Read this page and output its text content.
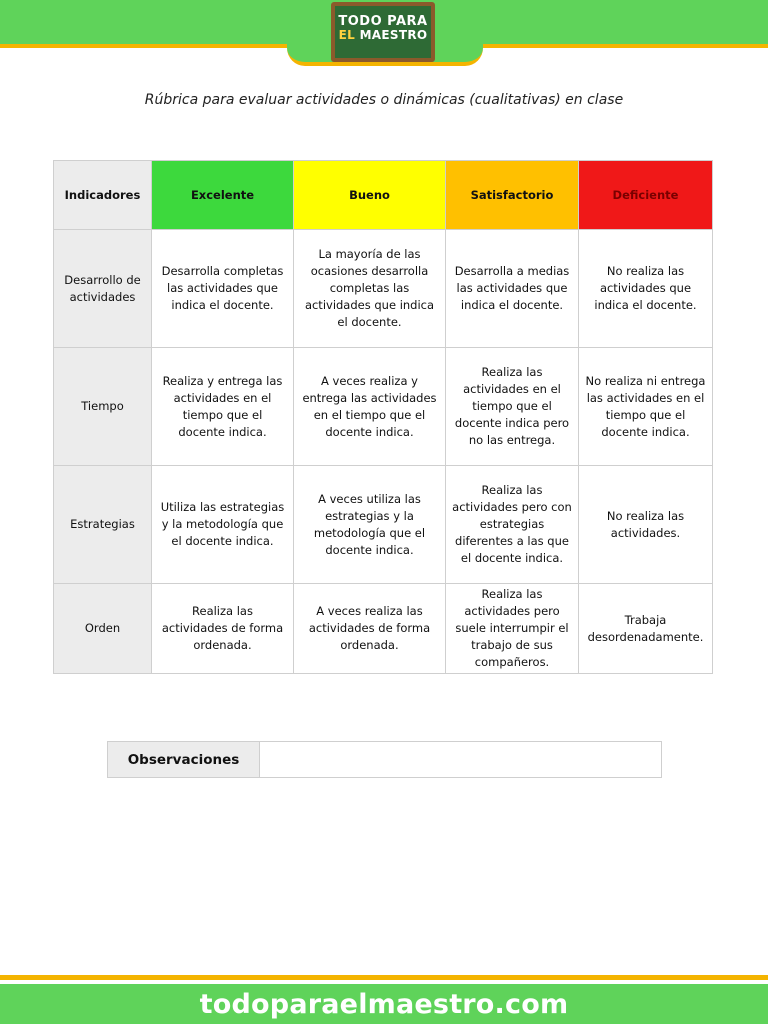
TODO PARA
EL MAESTRO
Rúbrica para evaluar actividades o dinámicas (cualitativas) en clase
Indicadores	Excelente	Bueno	Satisfactorio	Deficiente
Desarrollo de actividades	Desarrolla completas las actividades que indica el docente.	La mayoría de las ocasiones desarrolla completas las actividades que indica el docente.	Desarrolla a medias las actividades que indica el docente.	No realiza las actividades que indica el docente.
Tiempo	Realiza y entrega las actividades en el tiempo que el docente indica.	A veces realiza y entrega las actividades en el tiempo que el docente indica.	Realiza las actividades en el tiempo que el docente indica pero no las entrega.	No realiza ni entrega las actividades en el tiempo que el docente indica.
Estrategias	Utiliza las estrategias y la metodología que el docente indica.	A veces utiliza las estrategias y la metodología que el docente indica.	Realiza las actividades pero con estrategias diferentes a las que el docente indica.	No realiza las actividades.
Orden	Realiza las actividades de forma ordenada.	A veces realiza las actividades de forma ordenada.	Realiza las actividades pero suele interrumpir el trabajo de sus compañeros.	Trabaja desordenadamente.
Observaciones
todoparaelmaestro.com
